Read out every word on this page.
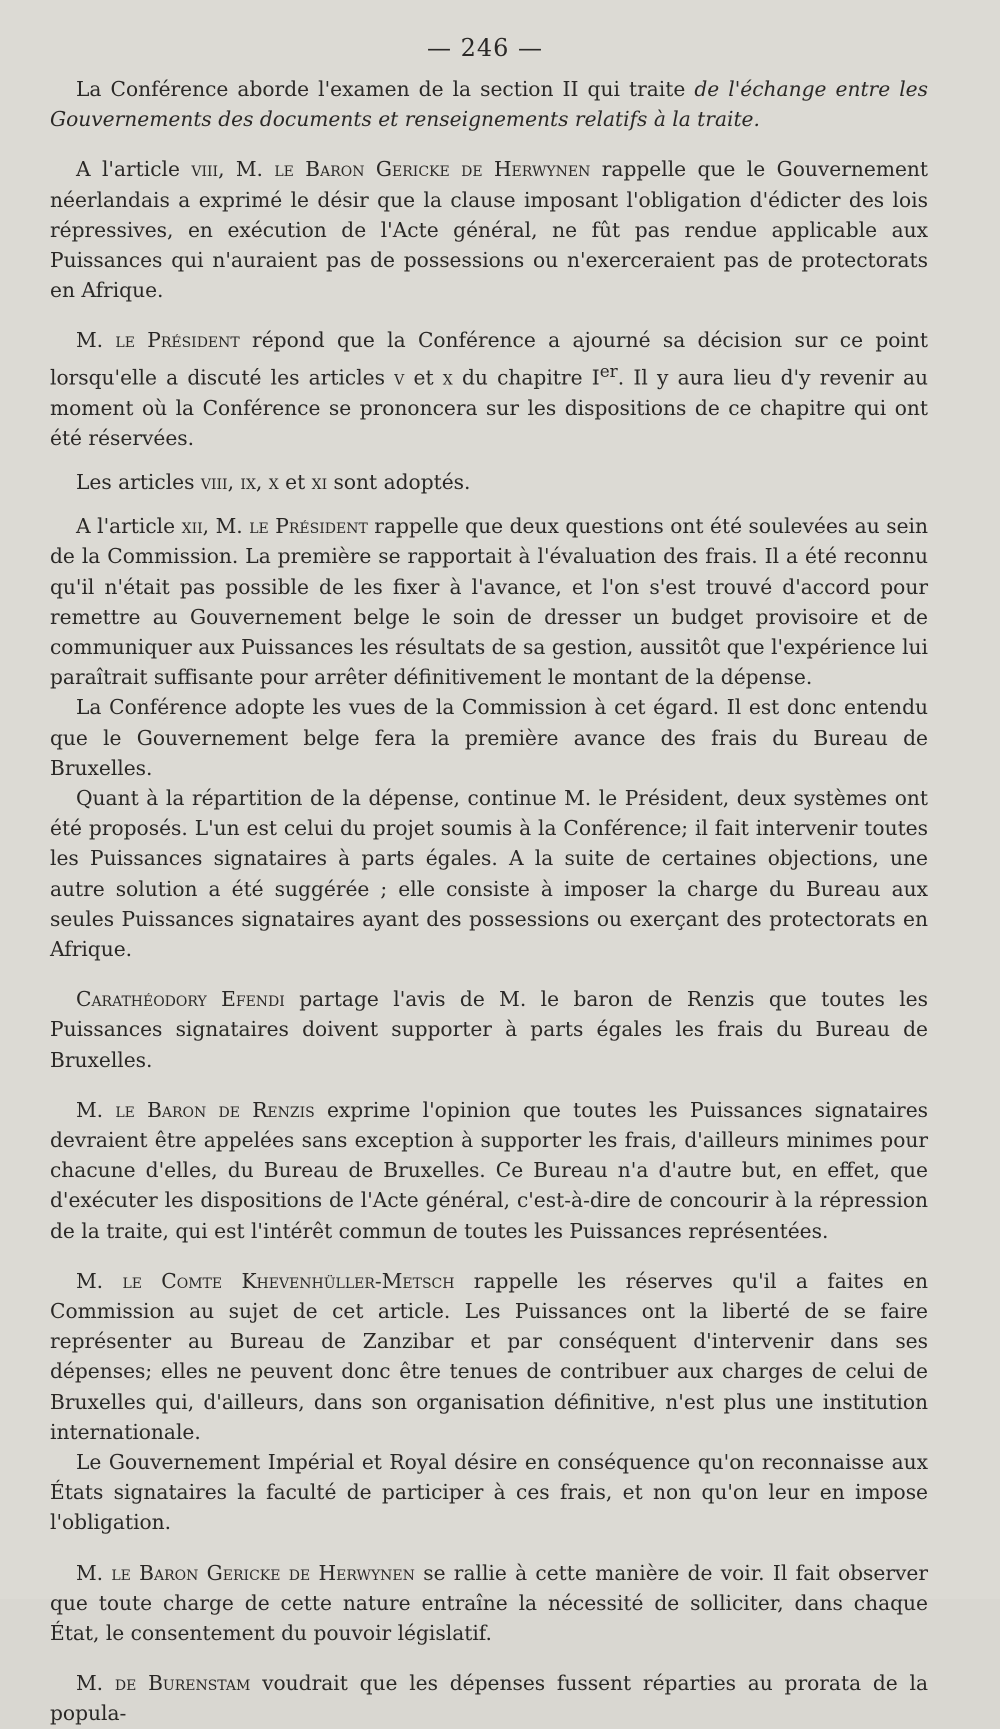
— 246 —

La Conférence aborde l'examen de la section II qui traite de l'échange entre les Gouvernements des documents et renseignements relatifs à la traite.

A l'article viii, M. le Baron Gericke de Herwynen rappelle que le Gouvernement néerlandais a exprimé le désir que la clause imposant l'obligation d'édicter des lois répressives, en exécution de l'Acte général, ne fût pas rendue applicable aux Puissances qui n'auraient pas de possessions ou n'exerceraient pas de protectorats en Afrique.

M. le Président répond que la Conférence a ajourné sa décision sur ce point lorsqu'elle a discuté les articles v et x du chapitre Ier. Il y aura lieu d'y revenir au moment où la Conférence se prononcera sur les dispositions de ce chapitre qui ont été réservées.

Les articles viii, ix, x et xi sont adoptés.

A l'article xii, M. le Président rappelle que deux questions ont été soulevées au sein de la Commission. La première se rapportait à l'évaluation des frais. Il a été reconnu qu'il n'était pas possible de les fixer à l'avance, et l'on s'est trouvé d'accord pour remettre au Gouvernement belge le soin de dresser un budget provisoire et de communiquer aux Puissances les résultats de sa gestion, aussitôt que l'expérience lui paraîtrait suffisante pour arrêter définitivement le montant de la dépense.

La Conférence adopte les vues de la Commission à cet égard. Il est donc entendu que le Gouvernement belge fera la première avance des frais du Bureau de Bruxelles.

Quant à la répartition de la dépense, continue M. le Président, deux systèmes ont été proposés. L'un est celui du projet soumis à la Conférence; il fait intervenir toutes les Puissances signataires à parts égales. A la suite de certaines objections, une autre solution a été suggérée ; elle consiste à imposer la charge du Bureau aux seules Puissances signataires ayant des possessions ou exerçant des protectorats en Afrique.

Carathéodory Efendi partage l'avis de M. le baron de Renzis que toutes les Puissances signataires doivent supporter à parts égales les frais du Bureau de Bruxelles.

M. le Baron de Renzis exprime l'opinion que toutes les Puissances signataires devraient être appelées sans exception à supporter les frais, d'ailleurs minimes pour chacune d'elles, du Bureau de Bruxelles. Ce Bureau n'a d'autre but, en effet, que d'exécuter les dispositions de l'Acte général, c'est-à-dire de concourir à la répression de la traite, qui est l'intérêt commun de toutes les Puissances représentées.

M. le Comte Khevenhüller-Metsch rappelle les réserves qu'il a faites en Commission au sujet de cet article. Les Puissances ont la liberté de se faire représenter au Bureau de Zanzibar et par conséquent d'intervenir dans ses dépenses; elles ne peuvent donc être tenues de contribuer aux charges de celui de Bruxelles qui, d'ailleurs, dans son organisation définitive, n'est plus une institution internationale.

Le Gouvernement Impérial et Royal désire en conséquence qu'on reconnaisse aux États signataires la faculté de participer à ces frais, et non qu'on leur en impose l'obligation.

M. le Baron Gericke de Herwynen se rallie à cette manière de voir. Il fait observer que toute charge de cette nature entraîne la nécessité de solliciter, dans chaque État, le consentement du pouvoir législatif.

M. de Burenstam voudrait que les dépenses fussent réparties au prorata de la popula-
